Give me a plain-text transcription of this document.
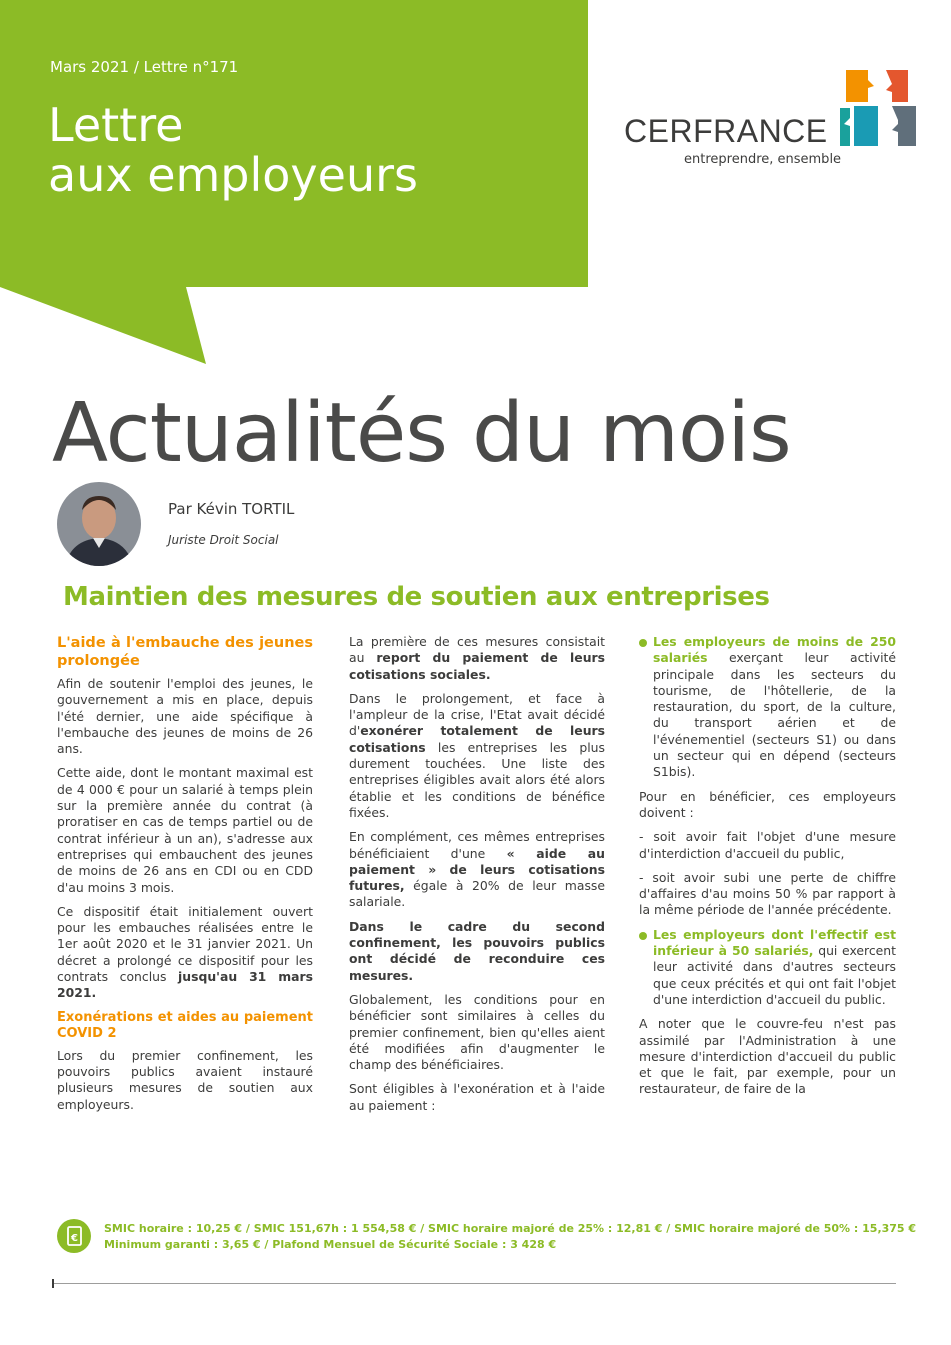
Mars 2021 / Lettre n°171
Lettre
aux employeurs
CERFRANCE
entreprendre, ensemble
Actualités du mois
Par Kévin TORTIL
Juriste Droit Social
Maintien des mesures de soutien aux entreprises
L'aide à l'embauche des jeunes prolongée

Afin de soutenir l'emploi des jeunes, le gouvernement a mis en place, depuis l'été dernier, une aide spécifique à l'embauche des jeunes de moins de 26 ans.

Cette aide, dont le montant maximal est de 4 000 € pour un salarié à temps plein sur la première année du contrat (à proratiser en cas de temps partiel ou de contrat inférieur à un an), s'adresse aux entreprises qui embauchent des jeunes de moins de 26 ans en CDI ou en CDD d'au moins 3 mois.

Ce dispositif était initialement ouvert pour les embauches réalisées entre le 1er août 2020 et le 31 janvier 2021. Un décret a prolongé ce dispositif pour les contrats conclus jusqu'au 31 mars 2021.

Exonérations et aides au paiement COVID 2

Lors du premier confinement, les pouvoirs publics avaient instauré plusieurs mesures de soutien aux employeurs.

La première de ces mesures consistait au report du paiement de leurs cotisations sociales.

Dans le prolongement, et face à l'ampleur de la crise, l'Etat avait décidé d'exonérer totalement de leurs cotisations les entreprises les plus durement touchées. Une liste des entreprises éligibles avait alors été alors établie et les conditions de bénéfice fixées.

En complément, ces mêmes entreprises bénéficiaient d'une « aide au paiement » de leurs cotisations futures, égale à 20% de leur masse salariale.

Dans le cadre du second confinement, les pouvoirs publics ont décidé de reconduire ces mesures.

Globalement, les conditions pour en bénéficier sont similaires à celles du premier confinement, bien qu'elles aient été modifiées afin d'augmenter le champ des bénéficiaires.

Sont éligibles à l'exonération et à l'aide au paiement :

Les employeurs de moins de 250 salariés exerçant leur activité principale dans les secteurs du tourisme, de l'hôtellerie, de la restauration, du sport, de la culture, du transport aérien et de l'événementiel (secteurs S1) ou dans un secteur qui en dépend (secteurs S1bis).

Pour en bénéficier, ces employeurs doivent :

- soit avoir fait l'objet d'une mesure d'interdiction d'accueil du public,

- soit avoir subi une perte de chiffre d'affaires d'au moins 50 % par rapport à la même période de l'année précédente.

Les employeurs dont l'effectif est inférieur à 50 salariés, qui exercent leur activité dans d'autres secteurs que ceux précités et qui ont fait l'objet d'une interdiction d'accueil du public.

A noter que le couvre-feu n'est pas assimilé par l'Administration à une mesure d'interdiction d'accueil du public et que le fait, par exemple, pour un restaurateur, de faire de la

€
SMIC horaire : 10,25 € / SMIC 151,67h : 1 554,58 € / SMIC horaire majoré de 25% : 12,81 € / SMIC horaire majoré de 50% : 15,375 €
Minimum garanti : 3,65 € / Plafond Mensuel de Sécurité Sociale : 3 428 €
